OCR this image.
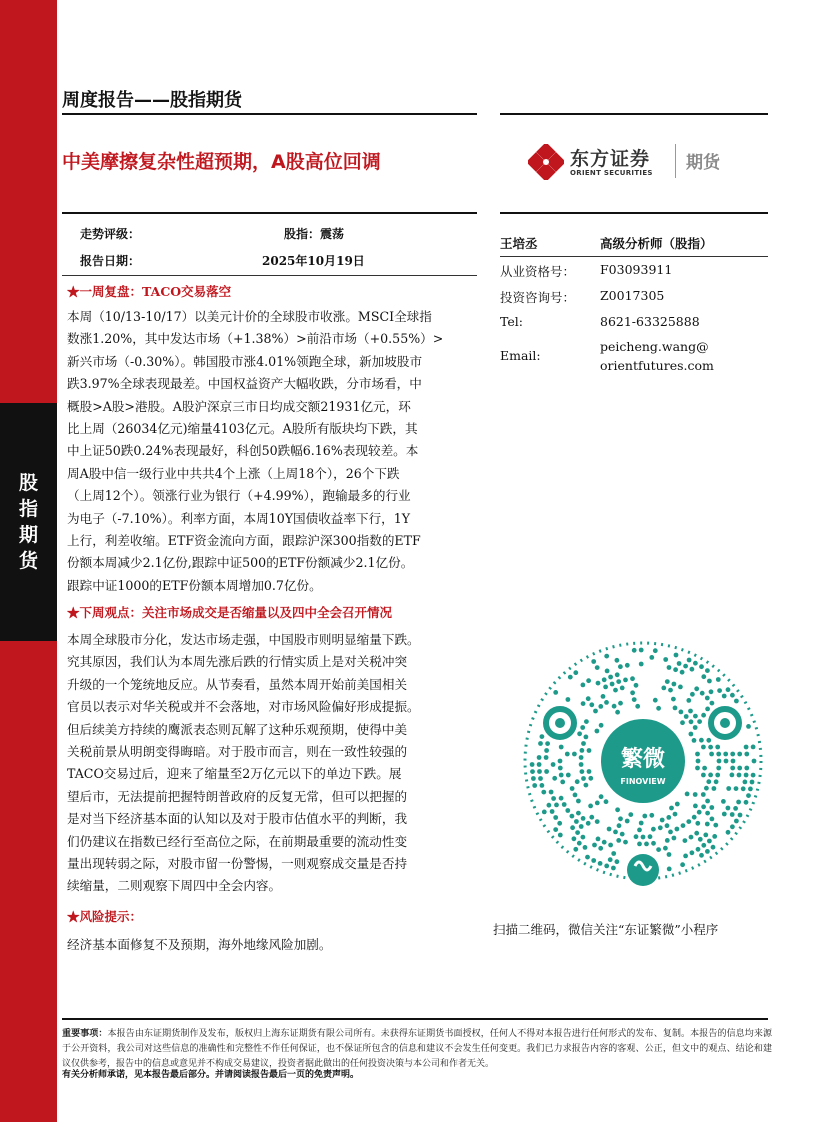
股
指
期
货
周度报告——股指期货
中美摩擦复杂性超预期，A股高位回调	东方证券
ORIENT SECURITIES 期货
走势评级：	股指：震荡
报告日期：	2025年10月19日
★一周复盘：TACO交易落空
本周（10/13-10/17）以美元计价的全球股市收涨。MSCI全球指
数涨1.20%，其中发达市场（+1.38%）>前沿市场（+0.55%）>
新兴市场（-0.30%）。韩国股市涨4.01%领跑全球，新加坡股市
跌3.97%全球表现最差。中国权益资产大幅收跌，分市场看，中
概股>A股>港股。A股沪深京三市日均成交额21931亿元，环
比上周（26034亿元)缩量4103亿元。A股所有版块均下跌，其
中上证50跌0.24%表现最好，科创50跌幅6.16%表现较差。本
周A股中信一级行业中共共4个上涨（上周18个），26个下跌
（上周12个）。领涨行业为银行（+4.99%），跑输最多的行业
为电子（-7.10%）。利率方面，本周10Y国债收益率下行，1Y
上行，利差收缩。ETF资金流向方面，跟踪沪深300指数的ETF
份额本周减少2.1亿份,跟踪中证500的ETF份额减少2.1亿份。
跟踪中证1000的ETF份额本周增加0.7亿份。
★下周观点：关注市场成交是否缩量以及四中全会召开情况
本周全球股市分化，发达市场走强，中国股市则明显缩量下跌。
究其原因，我们认为本周先涨后跌的行情实质上是对关税冲突
升级的一个笼统地反应。从节奏看，虽然本周开始前美国相关
官员以表示对华关税或并不会落地，对市场风险偏好形成提振。
但后续美方持续的鹰派表态则瓦解了这种乐观预期，使得中美
关税前景从明朗变得晦暗。对于股市而言，则在一致性较强的
TACO交易过后，迎来了缩量至2万亿元以下的单边下跌。展
望后市，无法提前把握特朗普政府的反复无常，但可以把握的
是对当下经济基本面的认知以及对于股市估值水平的判断，我
们仍建议在指数已经行至高位之际，在前期最重要的流动性变
量出现转弱之际，对股市留一份警惕，一则观察成交量是否持
续缩量，二则观察下周四中全会内容。
★风险提示：
经济基本面修复不及预期，海外地缘风险加剧。
王培丞	高级分析师（股指）
从业资格号： F03093911
投资咨询号： Z0017305
Tel:	8621-63325888
Email:
peicheng.wang@
orientfutures.com
繁微
FINOVIEW
扫描二维码，微信关注“东证繁微”小程序
重要事项：本报告由东证期货制作及发布，版权归上海东证期货有限公司所有。未获得东证期货书面授权，任何人不得对本报告进行任何形式的发布、复制。本报告的信息均来源于公开资料，我公司对这些信息的准确性和完整性不作任何保证，也不保证所包含的信息和建议不会发生任何变更。我们已力求报告内容的客观、公正，但文中的观点、结论和建议仅供参考，报告中的信息或意见并不构成交易建议，投资者据此做出的任何投资决策与本公司和作者无关。
有关分析师承诺，见本报告最后部分。并请阅读报告最后一页的免责声明。
